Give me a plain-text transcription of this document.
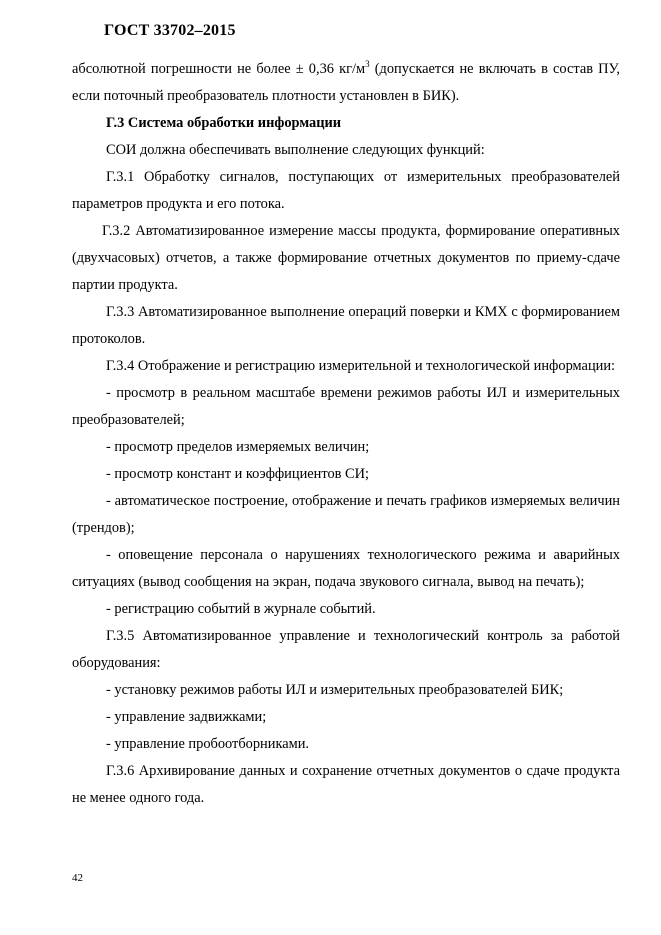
ГОСТ 33702–2015

абсолютной погрешности не более ± 0,36 $кг/м^3$ (допускается не включать в состав ПУ, если поточный преобразователь плотности установлен в БИК).

Г.3 Система обработки информации

СОИ должна обеспечивать выполнение следующих функций:

Г.3.1 Обработку сигналов, поступающих от измерительных преобразователей параметров продукта и его потока.

Г.3.2 Автоматизированное измерение массы продукта, формирование оперативных (двухчасовых) отчетов, а также формирование отчетных документов по приему-сдаче партии продукта.

Г.3.3 Автоматизированное выполнение операций поверки и КМХ с формированием протоколов.

Г.3.4 Отображение и регистрацию измерительной и технологической информации:

- просмотр в реальном масштабе времени режимов работы ИЛ и измерительных преобразователей;

- просмотр пределов измеряемых величин;

- просмотр констант и коэффициентов СИ;

- автоматическое построение, отображение и печать графиков измеряемых величин (трендов);

- оповещение персонала о нарушениях технологического режима и аварийных ситуациях (вывод сообщения на экран, подача звукового сигнала, вывод на печать);

- регистрацию событий в журнале событий.

Г.3.5 Автоматизированное управление и технологический контроль за работой оборудования:

- установку режимов работы ИЛ и измерительных преобразователей БИК;

- управление задвижками;

- управление пробоотборниками.

Г.3.6 Архивирование данных и сохранение отчетных документов о сдаче продукта не менее одного года.

42
